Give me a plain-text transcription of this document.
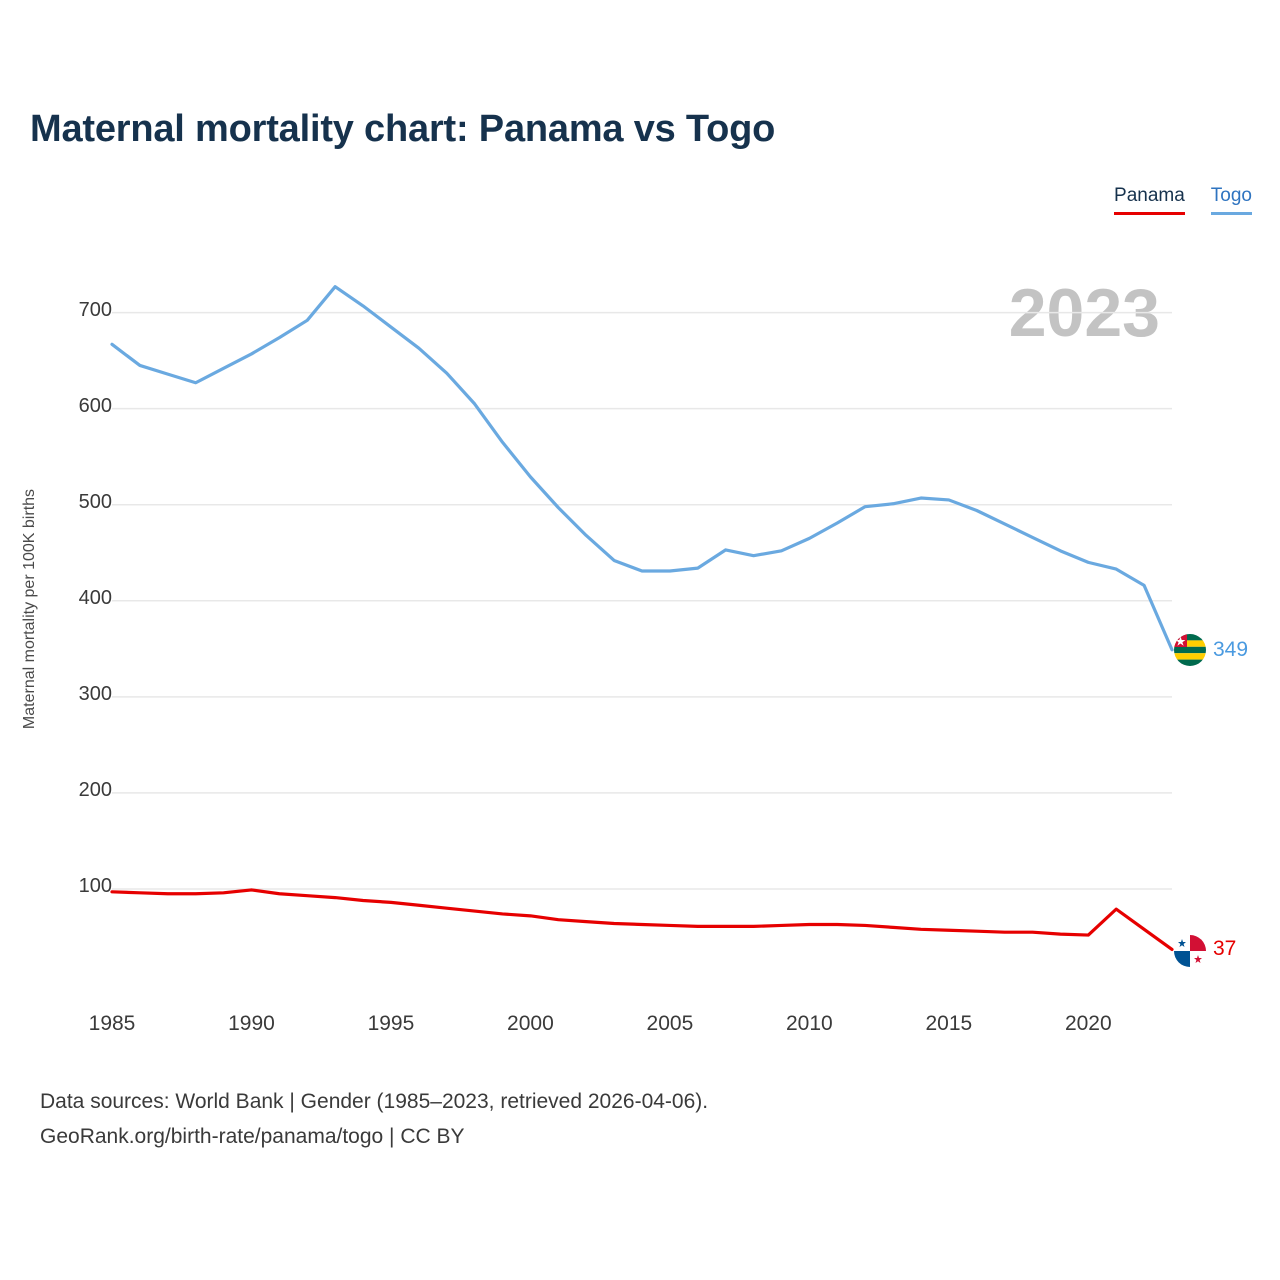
Maternal mortality chart: Panama vs Togo
Panama Togo
2023
Maternal mortality per 100K births
100
200
300
400
500
600
700
349
37
Data sources: World Bank | Gender (1985–2023, retrieved 2026-04-06).
GeoRank.org/birth-rate/panama/togo | CC BY
1985	1990	1995	2000	2005	2010	2015	2020
